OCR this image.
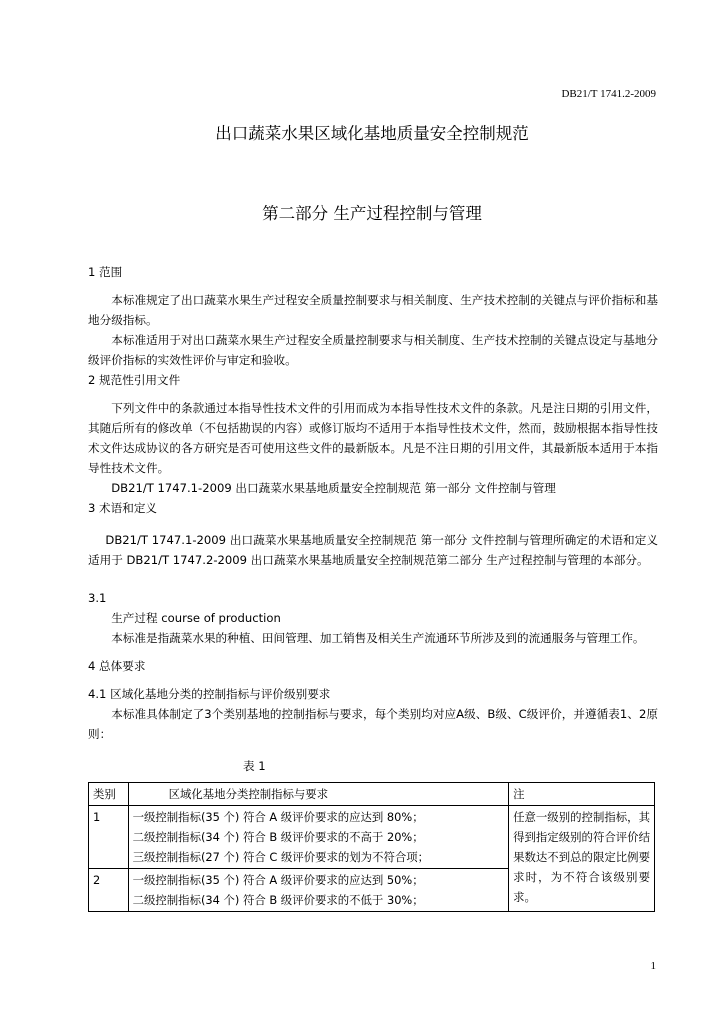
DB21/T 1741.2-2009
出口蔬菜水果区域化基地质量安全控制规范
第二部分 生产过程控制与管理
1 范围

本标准规定了出口蔬菜水果生产过程安全质量控制要求与相关制度、生产技术控制的关键点与评价指标和基地分级指标。

本标准适用于对出口蔬菜水果生产过程安全质量控制要求与相关制度、生产技术控制的关键点设定与基地分级评价指标的实效性评价与审定和验收。

2 规范性引用文件

下列文件中的条款通过本指导性技术文件的引用而成为本指导性技术文件的条款。凡是注日期的引用文件，其随后所有的修改单（不包括勘误的内容）或修订版均不适用于本指导性技术文件，然而，鼓励根据本指导性技术文件达成协议的各方研究是否可使用这些文件的最新版本。凡是不注日期的引用文件，其最新版本适用于本指导性技术文件。

DB21/T 1747.1-2009 出口蔬菜水果基地质量安全控制规范 第一部分 文件控制与管理

3 术语和定义

DB21/T 1747.1-2009 出口蔬菜水果基地质量安全控制规范 第一部分 文件控制与管理所确定的术语和定义适用于 DB21/T 1747.2-2009 出口蔬菜水果基地质量安全控制规范第二部分 生产过程控制与管理的本部分。

3.1

生产过程 course of production

本标准是指蔬菜水果的种植、田间管理、加工销售及相关生产流通环节所涉及到的流通服务与管理工作。

4 总体要求
4.1 区域化基地分类的控制指标与评价级别要求

本标准具体制定了3个类别基地的控制指标与要求，每个类别均对应A级、B级、C级评价，并遵循表1、2原则：

表 1
类别	区域化基地分类控制指标与要求	注
1	一级控制指标(35 个) 符合 A 级评价要求的应达到 80%；
二级控制指标(34 个) 符合 B 级评价要求的不高于 20%；
三级控制指标(27 个) 符合 C 级评价要求的划为不符合项；	任意一级别的控制指标，其得到指定级别的符合评价结果数达不到总的限定比例要求时，为不符合该级别要求。
2	一级控制指标(35 个) 符合 A 级评价要求的应达到 50%；
二级控制指标(34 个) 符合 B 级评价要求的不低于 30%；	
1
